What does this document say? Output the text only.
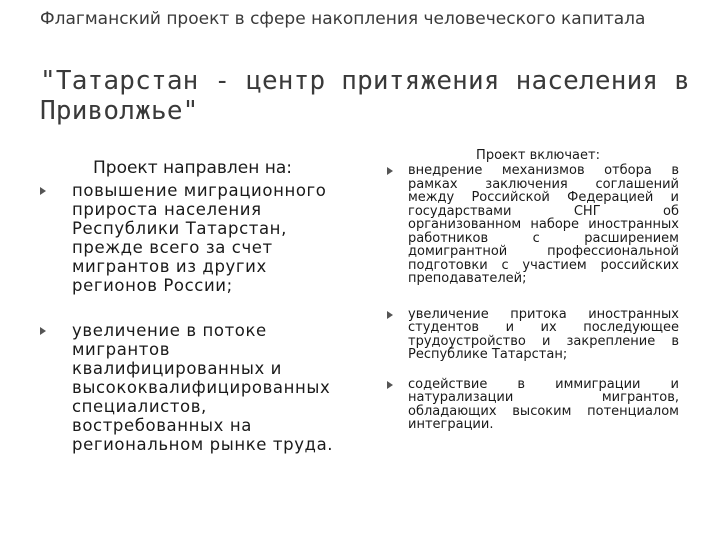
Флагманский проект в сфере накопления человеческого капитала
"Татарстан - центр притяжения населения в Приволжье"
Проект направлен на:
повышение миграционного прироста населения Республики Татарстан, прежде всего за счет мигрантов из других регионов России;
увеличение в потоке мигрантов квалифицированных и высококвалифицированных специалистов, востребованных на региональном рынке труда.
Проект включает:
внедрение механизмов отбора в рамках заключения соглашений между Российской Федерацией и государствами СНГ об организованном наборе иностранных работников с расширением домигрантной профессиональной подготовки с участием российских преподавателей;
увеличение притока иностранных студентов и их последующее трудоустройство и закрепление в Республике Татарстан;
содействие в иммиграции и натурализации мигрантов, обладающих высоким потенциалом интеграции.
